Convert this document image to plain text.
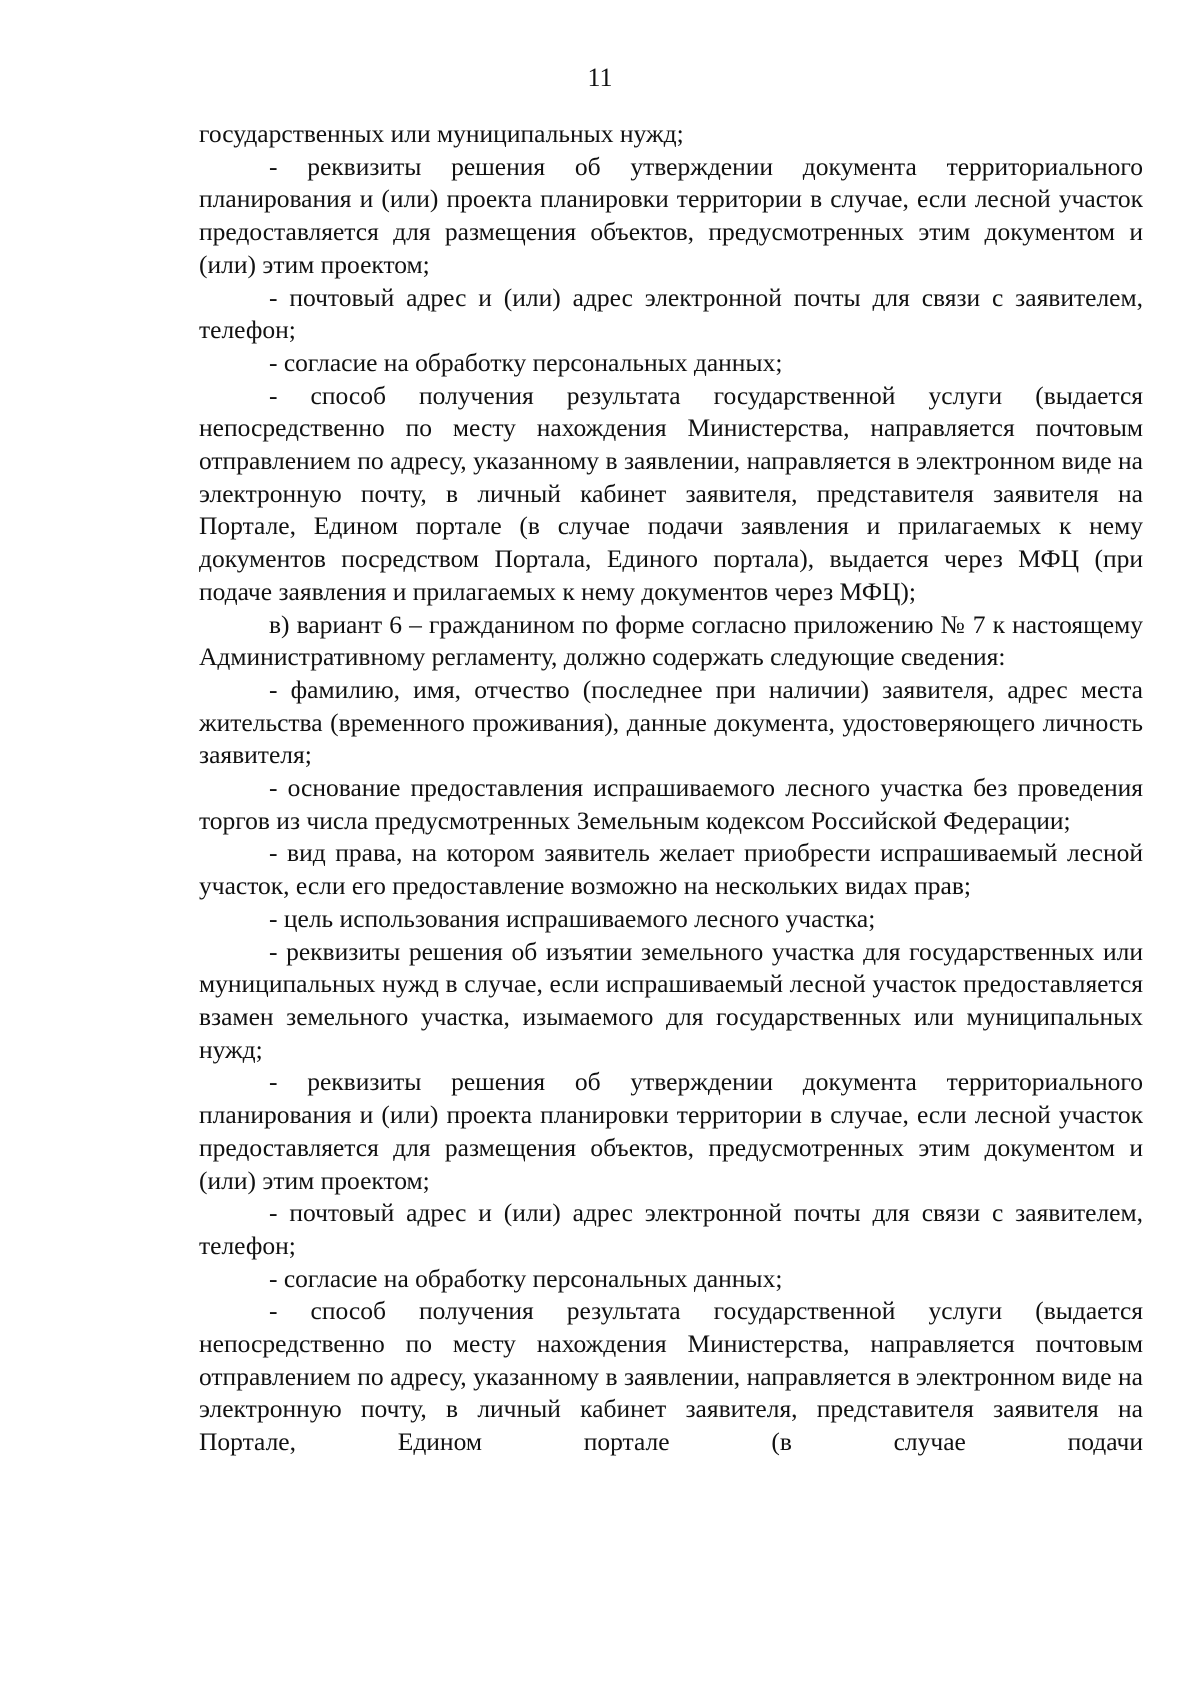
11

государственных или муниципальных нужд;

- реквизиты решения об утверждении документа территориального планирования и (или) проекта планировки территории в случае, если лесной участок предоставляется для размещения объектов, предусмотренных этим документом и (или) этим проектом;

- почтовый адрес и (или) адрес электронной почты для связи с заявителем, телефон;

- согласие на обработку персональных данных;

- способ получения результата государственной услуги (выдается непосредственно по месту нахождения Министерства, направляется почтовым отправлением по адресу, указанному в заявлении, направляется в электронном виде на электронную почту, в личный кабинет заявителя, представителя заявителя на Портале, Едином портале (в случае подачи заявления и прилагаемых к нему документов посредством Портала, Единого портала), выдается через МФЦ (при подаче заявления и прилагаемых к нему документов через МФЦ);

в) вариант 6 – гражданином по форме согласно приложению № 7 к настоящему Административному регламенту, должно содержать следующие сведения:

- фамилию, имя, отчество (последнее при наличии) заявителя, адрес места жительства (временного проживания), данные документа, удостоверяющего личность заявителя;

- основание предоставления испрашиваемого лесного участка без проведения торгов из числа предусмотренных Земельным кодексом Российской Федерации;

- вид права, на котором заявитель желает приобрести испрашиваемый лесной участок, если его предоставление возможно на нескольких видах прав;

- цель использования испрашиваемого лесного участка;

- реквизиты решения об изъятии земельного участка для государственных или муниципальных нужд в случае, если испрашиваемый лесной участок предоставляется взамен земельного участка, изымаемого для государственных или муниципальных нужд;

- реквизиты решения об утверждении документа территориального планирования и (или) проекта планировки территории в случае, если лесной участок предоставляется для размещения объектов, предусмотренных этим документом и (или) этим проектом;

- почтовый адрес и (или) адрес электронной почты для связи с заявителем, телефон;

- согласие на обработку персональных данных;

- способ получения результата государственной услуги (выдается непосредственно по месту нахождения Министерства, направляется почтовым отправлением по адресу, указанному в заявлении, направляется в электронном виде на электронную почту, в личный кабинет заявителя, представителя заявителя на Портале, Едином портале (в случае подачи
